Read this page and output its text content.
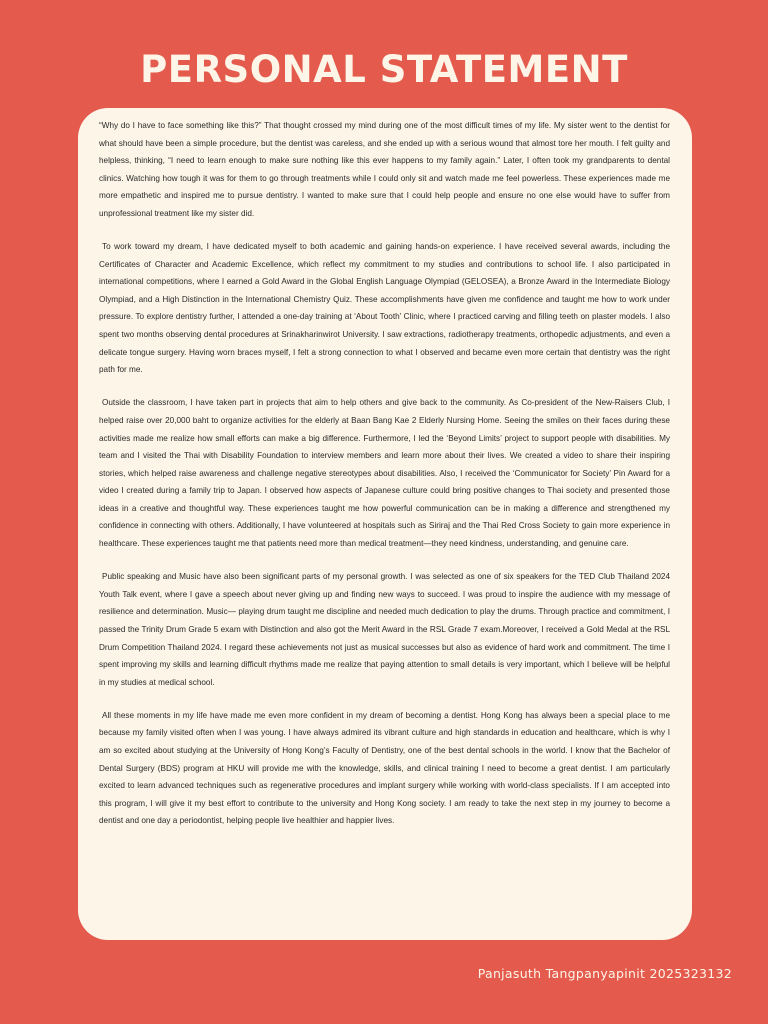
PERSONAL STATEMENT

“Why do I have to face something like this?” That thought crossed my mind during one of the most difficult times of my life. My sister went to the dentist for what should have been a simple procedure, but the dentist was careless, and she ended up with a serious wound that almost tore her mouth. I felt guilty and helpless, thinking, “I need to learn enough to make sure nothing like this ever happens to my family again.” Later, I often took my grandparents to dental clinics. Watching how tough it was for them to go through treatments while I could only sit and watch made me feel powerless. These experiences made me more empathetic and inspired me to pursue dentistry. I wanted to make sure that I could help people and ensure no one else would have to suffer from unprofessional treatment like my sister did.

To work toward my dream, I have dedicated myself to both academic and gaining hands-on experience. I have received several awards, including the Certificates of Character and Academic Excellence, which reflect my commitment to my studies and contributions to school life. I also participated in international competitions, where I earned a Gold Award in the Global English Language Olympiad (GELOSEA), a Bronze Award in the Intermediate Biology Olympiad, and a High Distinction in the International Chemistry Quiz. These accomplishments have given me confidence and taught me how to work under pressure. To explore dentistry further, I attended a one-day training at ‘About Tooth’ Clinic, where I practiced carving and filling teeth on plaster models. I also spent two months observing dental procedures at Srinakharinwirot University. I saw extractions, radiotherapy treatments, orthopedic adjustments, and even a delicate tongue surgery. Having worn braces myself, I felt a strong connection to what I observed and became even more certain that dentistry was the right path for me.

Outside the classroom, I have taken part in projects that aim to help others and give back to the community. As Co-president of the New-Raisers Club, I helped raise over 20,000 baht to organize activities for the elderly at Baan Bang Kae 2 Elderly Nursing Home. Seeing the smiles on their faces during these activities made me realize how small efforts can make a big difference. Furthermore, I led the ‘Beyond Limits’ project to support people with disabilities. My team and I visited the Thai with Disability Foundation to interview members and learn more about their lives. We created a video to share their inspiring stories, which helped raise awareness and challenge negative stereotypes about disabilities. Also, I received the ‘Communicator for Society’ Pin Award for a video I created during a family trip to Japan. I observed how aspects of Japanese culture could bring positive changes to Thai society and presented those ideas in a creative and thoughtful way. These experiences taught me how powerful communication can be in making a difference and strengthened my confidence in connecting with others. Additionally, I have volunteered at hospitals such as Siriraj and the Thai Red Cross Society to gain more experience in healthcare. These experiences taught me that patients need more than medical treatment—they need kindness, understanding, and genuine care.

Public speaking and Music have also been significant parts of my personal growth. I was selected as one of six speakers for the TED Club Thailand 2024 Youth Talk event, where I gave a speech about never giving up and finding new ways to succeed. I was proud to inspire the audience with my message of resilience and determination. Music— playing drum taught me discipline and needed much dedication to play the drums. Through practice and commitment, I passed the Trinity Drum Grade 5 exam with Distinction and also got the Merit Award in the RSL Grade 7 exam.Moreover, I received a Gold Medal at the RSL Drum Competition Thailand 2024. I regard these achievements not just as musical successes but also as evidence of hard work and commitment. The time I spent improving my skills and learning difficult rhythms made me realize that paying attention to small details is very important, which I believe will be helpful in my studies at medical school.

All these moments in my life have made me even more confident in my dream of becoming a dentist. Hong Kong has always been a special place to me because my family visited often when I was young. I have always admired its vibrant culture and high standards in education and healthcare, which is why I am so excited about studying at the University of Hong Kong’s Faculty of Dentistry, one of the best dental schools in the world. I know that the Bachelor of Dental Surgery (BDS) program at HKU will provide me with the knowledge, skills, and clinical training I need to become a great dentist. I am particularly excited to learn advanced techniques such as regenerative procedures and implant surgery while working with world-class specialists. If I am accepted into this program, I will give it my best effort to contribute to the university and Hong Kong society. I am ready to take the next step in my journey to become a dentist and one day a periodontist, helping people live healthier and happier lives.

Panjasuth Tangpanyapinit 2025323132
